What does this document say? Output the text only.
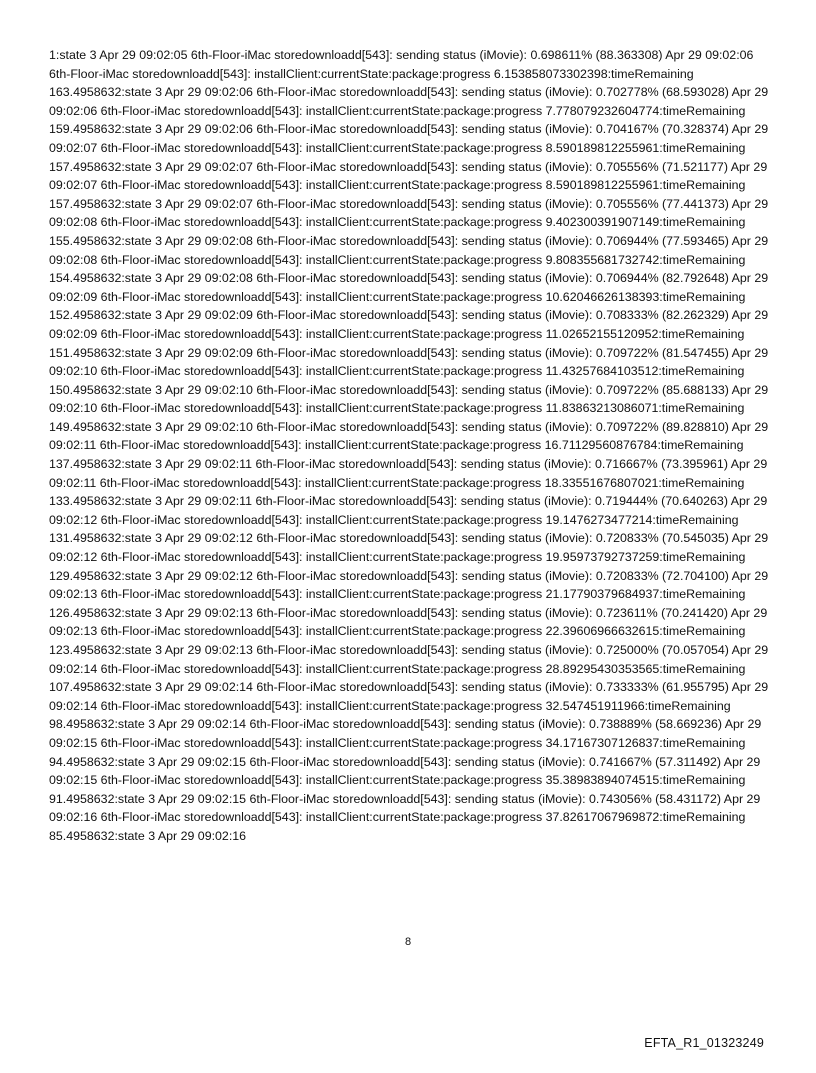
1:state 3 Apr 29 09:02:05 6th-Floor-iMac storedownloadd[543]: sending status (iMovie): 0.698611% (88.363308) Apr 29 09:02:06 6th-Floor-iMac storedownloadd[543]: installClient:currentState:package:progress 6.153858073302398:timeRemaining 163.4958632:state 3 Apr 29 09:02:06 6th-Floor-iMac storedownloadd[543]: sending status (iMovie): 0.702778% (68.593028) Apr 29 09:02:06 6th-Floor-iMac storedownloadd[543]: installClient:currentState:package:progress 7.778079232604774:timeRemaining 159.4958632:state 3 Apr 29 09:02:06 6th-Floor-iMac storedownloadd[543]: sending status (iMovie): 0.704167% (70.328374) Apr 29 09:02:07 6th-Floor-iMac storedownloadd[543]: installClient:currentState:package:progress 8.590189812255961:timeRemaining 157.4958632:state 3 Apr 29 09:02:07 6th-Floor-iMac storedownloadd[543]: sending status (iMovie): 0.705556% (71.521177) Apr 29 09:02:07 6th-Floor-iMac storedownloadd[543]: installClient:currentState:package:progress 8.590189812255961:timeRemaining 157.4958632:state 3 Apr 29 09:02:07 6th-Floor-iMac storedownloadd[543]: sending status (iMovie): 0.705556% (77.441373) Apr 29 09:02:08 6th-Floor-iMac storedownloadd[543]: installClient:currentState:package:progress 9.402300391907149:timeRemaining 155.4958632:state 3 Apr 29 09:02:08 6th-Floor-iMac storedownloadd[543]: sending status (iMovie): 0.706944% (77.593465) Apr 29 09:02:08 6th-Floor-iMac storedownloadd[543]: installClient:currentState:package:progress 9.80835568173274​2:timeRemaining 154.4958632:state 3 Apr 29 09:02:08 6th-Floor-iMac storedownloadd[543]: sending status (iMovie): 0.706944% (82.792648) Apr 29 09:02:09 6th-Floor-iMac storedownloadd[543]: installClient:currentState:package:progress 10.62046626138393:timeRemaining 152.4958632:state 3 Apr 29 09:02:09 6th-Floor-iMac storedownloadd[543]: sending status (iMovie): 0.708333% (82.262329) Apr 29 09:02:09 6th-Floor-iMac storedownloadd[543]: installClient:currentState:package:progress 11.02652155120952:timeRemaining 151.4958632:state 3 Apr 29 09:02:09 6th-Floor-iMac storedownloadd[543]: sending status (iMovie): 0.709722% (81.547455) Apr 29 09:02:10 6th-Floor-iMac storedownloadd[543]: installClient:currentState:package:progress 11.43257684103512:timeRemaining 150.4958632:state 3 Apr 29 09:02:10 6th-Floor-iMac storedownloadd[543]: sending status (iMovie): 0.709722% (85.688133) Apr 29 09:02:10 6th-Floor-iMac storedownloadd[543]: installClient:currentState:package:progress 11.83863213086071:timeRemaining 149.4958632:state 3 Apr 29 09:02:10 6th-Floor-iMac storedownloadd[543]: sending status (iMovie): 0.709722% (89.828810) Apr 29 09:02:11 6th-Floor-iMac storedownloadd[543]: installClient:currentState:package:progress 16.71129560876784:timeRemaining 137.4958632:state 3 Apr 29 09:02:11 6th-Floor-iMac storedownloadd[543]: sending status (iMovie): 0.716667% (73.395961) Apr 29 09:02:11 6th-Floor-iMac storedownloadd[543]: installClient:currentState:package:progress 18.33551676807021:timeRemaining 133.4958632:state 3 Apr 29 09:02:11 6th-Floor-iMac storedownloadd[543]: sending status (iMovie): 0.719444% (70.640263) Apr 29 09:02:12 6th-Floor-iMac storedownloadd[543]: installClient:currentState:package:progress 19.1476273477214:timeRemaining 131.4958632:state 3 Apr 29 09:02:12 6th-Floor-iMac storedownloadd[543]: sending status (iMovie): 0.720833% (70.545035) Apr 29 09:02:12 6th-Floor-iMac storedownloadd[543]: installClient:currentState:package:progress 19.95973792737259:timeRemaining 129.4958632:state 3 Apr 29 09:02:12 6th-Floor-iMac storedownloadd[543]: sending status (iMovie): 0.720833% (72.704100) Apr 29 09:02:13 6th-Floor-iMac storedownloadd[543]: installClient:currentState:package:progress 21.17790379684937:timeRemaining 126.4958632:state 3 Apr 29 09:02:13 6th-Floor-iMac storedownloadd[543]: sending status (iMovie): 0.723611% (70.241420) Apr 29 09:02:13 6th-Floor-iMac storedownloadd[543]: installClient:currentState:package:progress 22.39606966632615:timeRemaining 123.4958632:state 3 Apr 29 09:02:13 6th-Floor-iMac storedownloadd[543]: sending status (iMovie): 0.725000% (70.057054) Apr 29 09:02:14 6th-Floor-iMac storedownloadd[543]: installClient:currentState:package:progress 28.89295430353565:timeRemaining 107.4958632:state 3 Apr 29 09:02:14 6th-Floor-iMac storedownloadd[543]: sending status (iMovie): 0.733333% (61.955795) Apr 29 09:02:14 6th-Floor-iMac storedownloadd[543]: installClient:currentState:package:progress 32.547451911966:timeRemaining 98.4958632:state 3 Apr 29 09:02:14 6th-Floor-iMac storedownloadd[543]: sending status (iMovie): 0.738889% (58.669236) Apr 29 09:02:15 6th-Floor-iMac storedownloadd[543]: installClient:currentState:package:progress 34.17167307126837:timeRemaining 94.4958632:state 3 Apr 29 09:02:15 6th-Floor-iMac storedownloadd[543]: sending status (iMovie): 0.741667% (57.311492) Apr 29 09:02:15 6th-Floor-iMac storedownloadd[543]: installClient:currentState:package:progress 35.38983894074515:timeRemaining 91.4958632:state 3 Apr 29 09:02:15 6th-Floor-iMac storedownloadd[543]: sending status (iMovie): 0.743056% (58.431172) Apr 29 09:02:16 6th-Floor-iMac storedownloadd[543]: installClient:currentState:package:progress 37.82617067969872:timeRemaining 85.4958632:state 3 Apr 29 09:02:16

8
EFTA_R1_01323249
